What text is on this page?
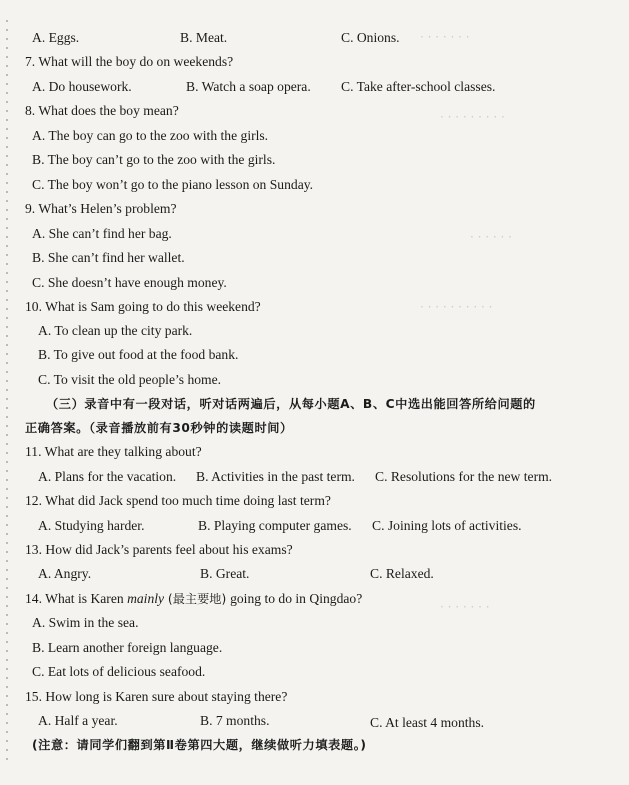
· · · · · · ·
· · · · · · · · ·
· · · · · ·
· · · · · · · · · ·
· · · · · · ·
A. Eggs.	B. Meat.	C. Onions.
7. What will the boy do on weekends?
A. Do housework.	B. Watch a soap opera. C. Take after-school classes.
8. What does the boy mean?
A. The boy can go to the zoo with the girls.
B. The boy can’t go to the zoo with the girls.
C. The boy won’t go to the piano lesson on Sunday.
9. What’s Helen’s problem?
A. She can’t find her bag.
B. She can’t find her wallet.
C. She doesn’t have enough money.
10. What is Sam going to do this weekend?
A. To clean up the city park.
B. To give out food at the food bank.
C. To visit the old people’s home.
（三）录音中有一段对话，听对话两遍后，从每小题A、B、C中选出能回答所给问题的
正确答案。（录音播放前有30秒钟的读题时间）
11. What are they talking about?
A. Plans for the vacation. B. Activities in the past term. C. Resolutions for the new term.
12. What did Jack spend too much time doing last term?
A. Studying harder.	B. Playing computer games. C. Joining lots of activities.
13. How did Jack’s parents feel about his exams?
A. Angry.	B. Great.	C. Relaxed.
14. What is Karen mainly (最主要地) going to do in Qingdao?
A. Swim in the sea.
B. Learn another foreign language.
C. Eat lots of delicious seafood.
15. How long is Karen sure about staying there?
A. Half a year.	B. 7 months.	C. At least 4 months.
(注意：请同学们翻到第Ⅱ卷第四大题，继续做听力填表题。)
